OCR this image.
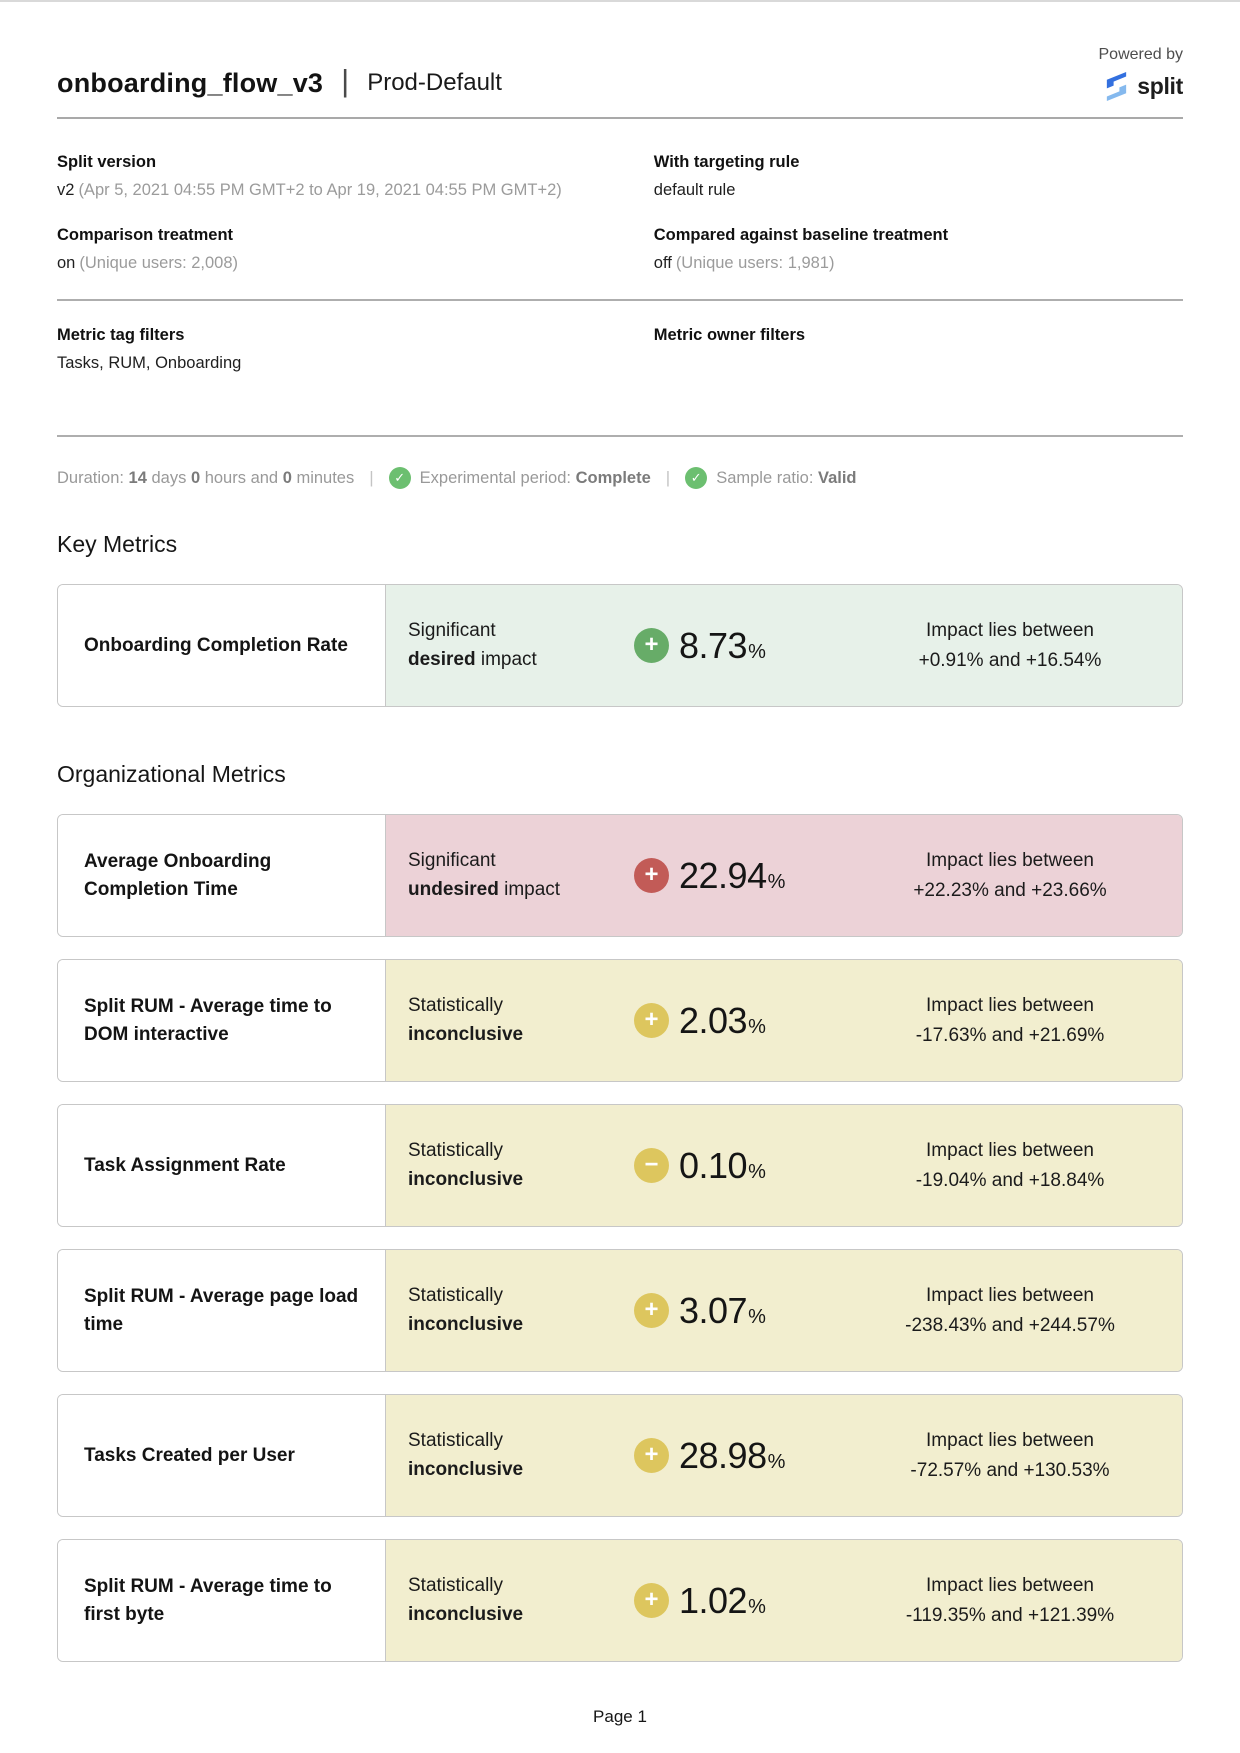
onboarding_flow_v3 | Prod-Default
Powered by
split
Split version
v2 (Apr 5, 2021 04:55 PM GMT+2 to Apr 19, 2021 04:55 PM GMT+2)
With targeting rule
default rule
Comparison treatment
on (Unique users: 2,008)
Compared against baseline treatment
off (Unique users: 1,981)
Metric tag filters
Tasks, RUM, Onboarding
Metric owner filters
Duration: 14 days 0 hours and 0 minutes |	✓ Experimental period: Complete |	✓ Sample ratio: Valid
Key Metrics
Onboarding Completion Rate
Significant
desired impact
+ 8.73 %
Impact lies between
+0.91% and +16.54%
Organizational Metrics
Average Onboarding Completion Time
Significant
undesired impact
+ 22.94 %
Impact lies between
+22.23% and +23.66%
Split RUM - Average time to DOM interactive
Statistically
inconclusive
+ 2.03 %
Impact lies between
-17.63% and +21.69%
Task Assignment Rate
Statistically
inconclusive
− 0.10 %
Impact lies between
-19.04% and +18.84%
Split RUM - Average page load time
Statistically
inconclusive
+ 3.07 %
Impact lies between
-238.43% and +244.57%
Tasks Created per User
Statistically
inconclusive
+ 28.98 %
Impact lies between
-72.57% and +130.53%
Split RUM - Average time to first byte
Statistically
inconclusive
+ 1.02 %
Impact lies between
-119.35% and +121.39%
Page 1
